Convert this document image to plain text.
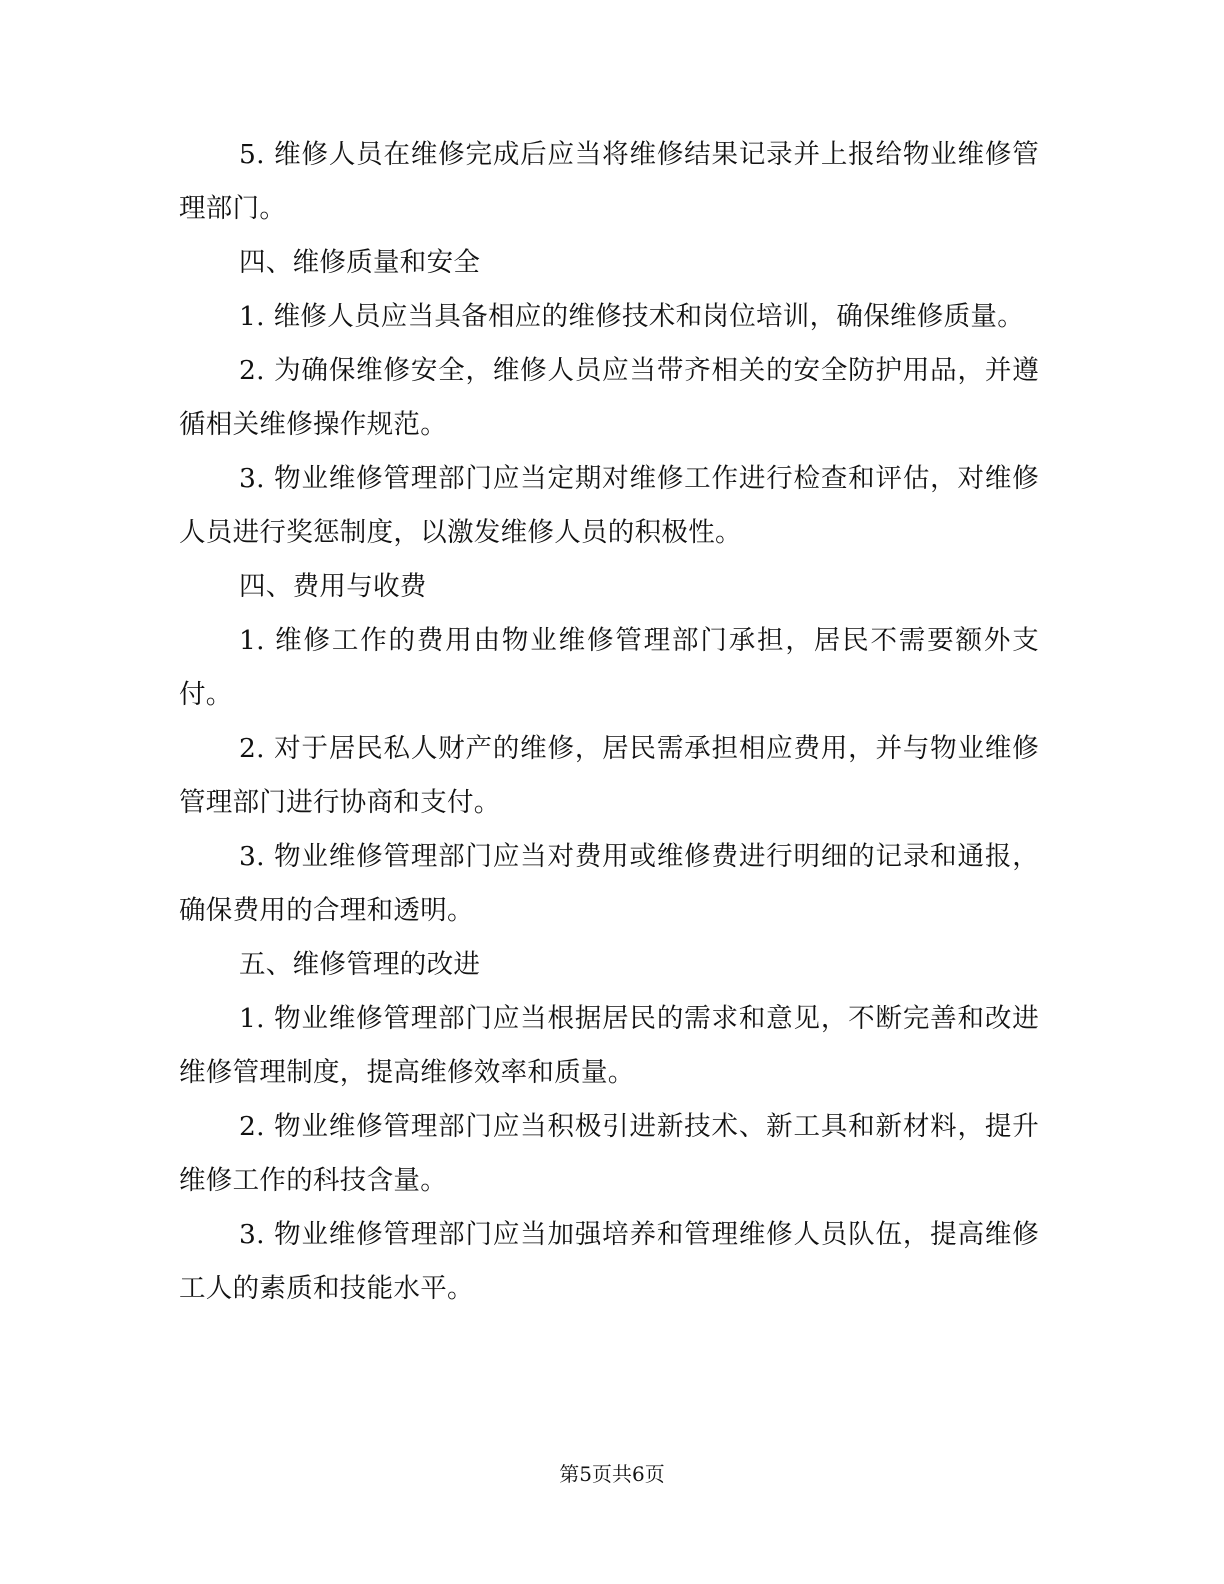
5. 维修人员在维修完成后应当将维修结果记录并上报给物业维修管理部门。

四、维修质量和安全

1. 维修人员应当具备相应的维修技术和岗位培训，确保维修质量。

2. 为确保维修安全，维修人员应当带齐相关的安全防护用品，并遵循相关维修操作规范。

3. 物业维修管理部门应当定期对维修工作进行检查和评估，对维修人员进行奖惩制度，以激发维修人员的积极性。

四、费用与收费

1. 维修工作的费用由物业维修管理部门承担，居民不需要额外支付。

2. 对于居民私人财产的维修，居民需承担相应费用，并与物业维修管理部门进行协商和支付。

3. 物业维修管理部门应当对费用或维修费进行明细的记录和通报，确保费用的合理和透明。

五、维修管理的改进

1. 物业维修管理部门应当根据居民的需求和意见，不断完善和改进维修管理制度，提高维修效率和质量。

2. 物业维修管理部门应当积极引进新技术、新工具和新材料，提升维修工作的科技含量。

3. 物业维修管理部门应当加强培养和管理维修人员队伍，提高维修工人的素质和技能水平。

第5页共6页
